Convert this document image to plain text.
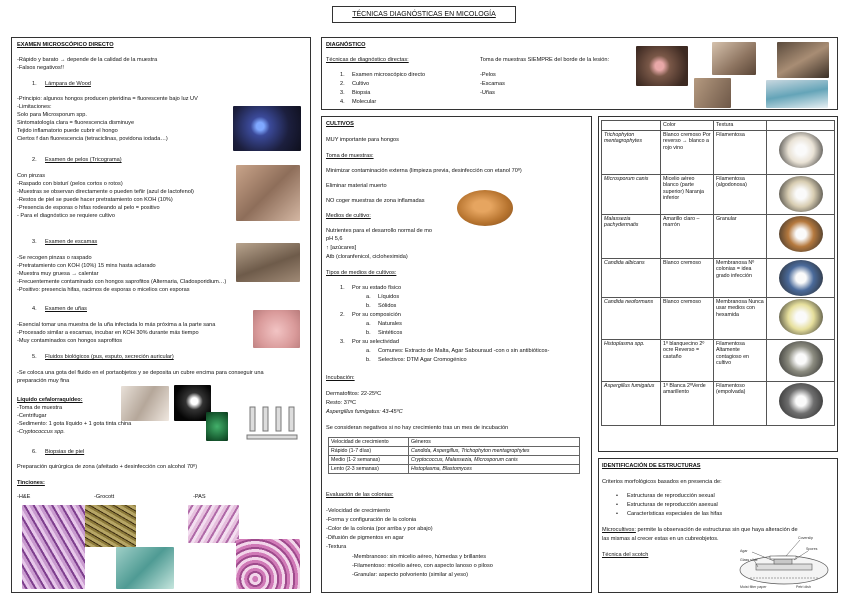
TÉCNICAS DIAGNÓSTICAS EN MICOLOGÍA
EXAMEN MICROSCÓPICO DIRECTO
-Rápido y barato → depende de la calidad de la muestra
-Falsos negativos!!
1. Lámpara de Wood
-Principio: algunos hongos producen pteridina = fluorescente bajo luz UV
-Limitaciones:
Solo para Microsporum spp.
Sintomatología clara = fluorescencia disminuye
Tejido inflamatorio puede cubrir el hongo
Ciertos f dan fluorescencia (tetraciclinas, povidona iodada…)
2. Examen de pelos (Tricograma)
Con pinzas
-Raspado con bisturí (pelos cortos o rotos)
-Muestras se observan directamente o pueden teñir (azul de lactofenol)
-Restos de piel se puede hacer pretratamiento con KOH (10%)
-Presencia de esporas o hifas rodeando al pelo = positivo
- Para el diagnóstico se requiere cultivo
3. Examen de escamas
-Se recogen pinzas o raspado
-Pretratamiento con KOH (10%) 15 mins hasta aclarado
-Muestra muy gruesa → calentar
-Frecuentemente contaminado con hongos saprofitos (Alternaria, Cladosporidium…)
-Positivo: presencia hifas, racimos de esporas o micelios con esporas
4. Examen de uñas
-Esencial tomar una muestra de la uña infectada lo más próxima a la parte sana
-Procesado similar a escamas, incubar en KOH 30% durante más tiempo
-Muy contaminados con hongos saprofitos
5. Fluidos biológicos (pus, esputo, secreción auricular)
-Se coloca una gota del fluido en el portaobjetos y se deposita un cubre encima para conseguir una
preparación muy fina
Líquido cefalorraquídeo:
-Toma de muestra
-Centrifugar
-Sedimento: 1 gota líquido + 1 gota tinta china
-Cryptococcus spp.
6. Biopsias de piel
Preparación quirúrgica de zona (afeitado + desinfección con alcohol 70º)
Tinciones:
-H&E	-Grocott	-PAS
DIAGNÓSTICO
Técnicas de diagnóstico directas:
1. Examen microscópico directo
2. Cultivo
3. Biopsia
4. Molecular
Toma de muestras SIEMPRE del borde de la lesión:
-Pelos
-Escamas
-Uñas
CULTIVOS
MUY importante para hongos
Toma de muestras:
Minimizar contaminación externa (limpieza previa, desinfección con etanol 70º)
Eliminar material muerto
NO coger muestras de zona inflamadas
Medios de cultivo:
Nutrientes para el desarrollo normal de mo
pH 5,6
↑ [azúcares]
Atb (cloranfenicol, cicloheximida)
Tipos de medios de cultivos:
1. Por su estado físico
a. Líquidos
b. Sólidos
2. Por su composición
a. Naturales
b. Sintéticos
3. Por su selectividad
a. Comunes: Extracto de Malta, Agar Sabouraud -con o sin antibióticos-
b. Selectivos: DTM Agar Cromogénico
Incubación:
Dermatofitos: 22-25ºC
Resto: 37ºC
Aspergillus fumigatus: 43-45ºC
Se consideran negativos si no hay crecimiento tras un mes de incubación
Velocidad de crecimiento	Géneros
Rápido (1-7 días)	Candida, Aspergillus, Trichophyton mentagrophytes
Medio (1-2 semanas)	Cryptococcus, Malassezia, Microsporum canis
Lento (2-3 semanas)	Histoplasma, Blastomyces
Evaluación de las colonias:
-Velocidad de crecimiento
-Forma y configuración de la colonia
-Color de la colonia (por arriba y por abajo)
-Difusión de pigmentos en agar
-Textura
-Membranoso: sin micelio aéreo, húmedas y brillantes
-Filamentoso: micelio aéreo, con aspecto lanoso o piloso
-Granular: aspecto polvoriento (similar al yeso)
	Color	Textura	
Trichophyton mentagrophytes	Blanco cremoso Por reverso → blanco a rojo vino	Filamentosa	

Microsporum canis	Micelio aéreo blanco (parte superior) Naranja inferior	Filamentosa (algodonosa)	

Malassezia pachydermatis	Amarillo claro – marrón	Granular	

Candida albicans	Blanco cremoso	Membranosa Nº colonias = idea grado infección	

Candida neoformans	Blanco cremoso	Membranosa Nunca usar medios con hexamida	

Histoplasma spp.	1º blanquecino 2º ocre Reverso = castaño	Filamentosa Altamente contagioso en cultivo	

Aspergillus fumigatus	1º Blanca 2ºVerde amarillento	Filamentoso (empolvada)	
IDENTIFICACIÓN DE ESTRUCTURAS
Criterios morfológicos basados en presencia de:
• Estructuras de reproducción sexual
• Estructuras de reproducción asexual
• Características especiales de las hifas
Microcultivos: permite la observación de estructuras sin que haya alteración de
las mismas al crecer estas en un cubreobjetos.
Técnica del scotch
Coverslip
Agar
Glass slide
Spores
Moist filter paper	Petri dish
